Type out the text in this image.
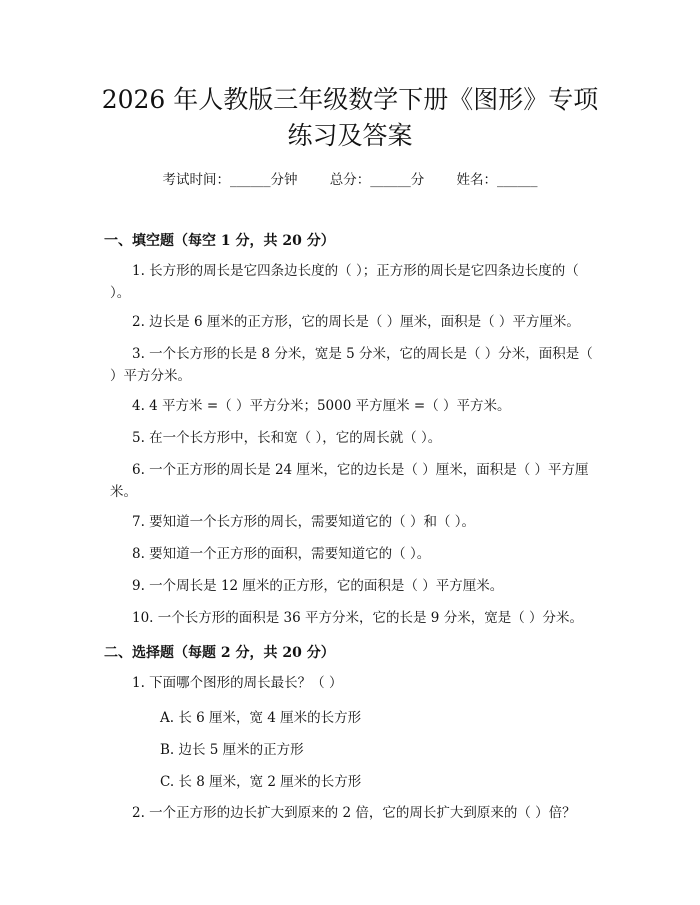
2026 年人教版三年级数学下册《图形》专项
练习及答案
考试时间：______分钟 总分：______分 姓名：______
一、填空题（每空 1 分，共 20 分）
1. 长方形的周长是它四条边长度的（ ）；正方形的周长是它四条边长度的（ ）。
2. 边长是 6 厘米的正方形，它的周长是（ ）厘米，面积是（ ）平方厘米。
3. 一个长方形的长是 8 分米，宽是 5 分米，它的周长是（ ）分米，面积是（ ）平方分米。
4. 4 平方米 =（ ）平方分米；5000 平方厘米 =（ ）平方米。
5. 在一个长方形中，长和宽（ ），它的周长就（ ）。
6. 一个正方形的周长是 24 厘米，它的边长是（ ）厘米，面积是（ ）平方厘米。
7. 要知道一个长方形的周长，需要知道它的（ ）和（ ）。
8. 要知道一个正方形的面积，需要知道它的（ ）。
9. 一个周长是 12 厘米的正方形，它的面积是（ ）平方厘米。
10. 一个长方形的面积是 36 平方分米，它的长是 9 分米，宽是（ ）分米。
二、选择题（每题 2 分，共 20 分）
1. 下面哪个图形的周长最长？（ ）
A. 长 6 厘米，宽 4 厘米的长方形
B. 边长 5 厘米的正方形
C. 长 8 厘米，宽 2 厘米的长方形
2. 一个正方形的边长扩大到原来的 2 倍，它的周长扩大到原来的（ ）倍？
